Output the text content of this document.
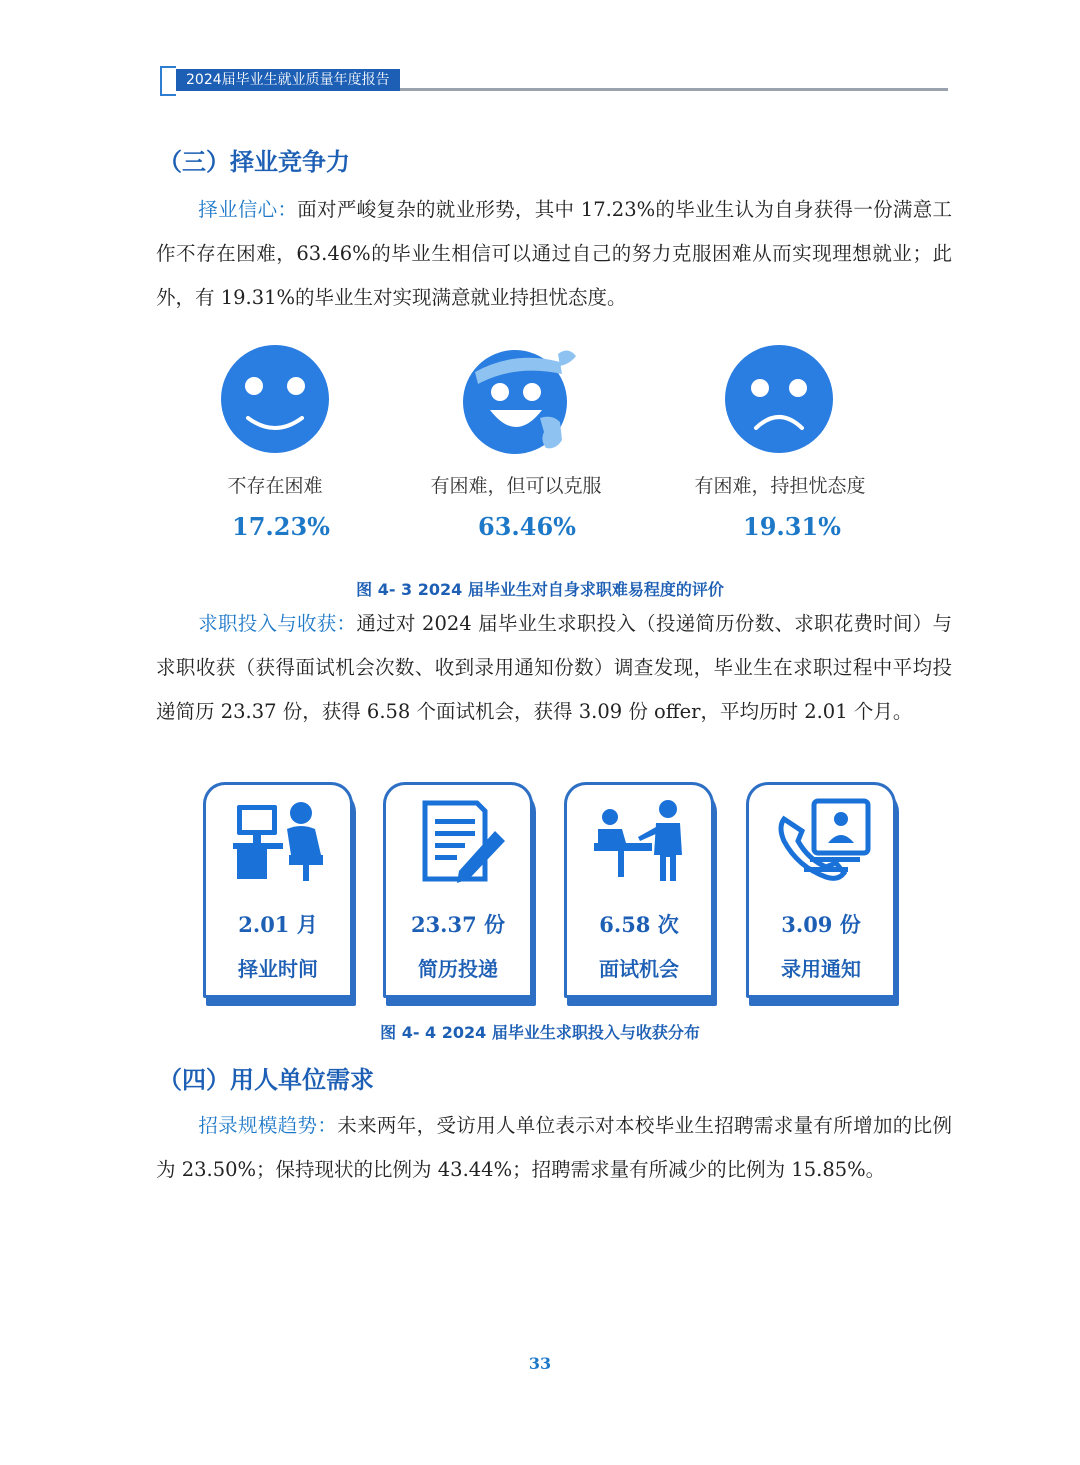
2024届毕业生就业质量年度报告
（三）择业竞争力
择业信心：面对严峻复杂的就业形势，其中 17.23%的毕业生认为自身获得一份满意工作不存在困难，63.46%的毕业生相信可以通过自己的努力克服困难从而实现理想就业；此外，有 19.31%的毕业生对实现满意就业持担忧态度。
不存在困难	有困难，但可以克服	有困难，持担忧态度
17.23%	63.46%	19.31%
图 4- 3 2024 届毕业生对自身求职难易程度的评价
求职投入与收获：通过对 2024 届毕业生求职投入（投递简历份数、求职花费时间）与求职收获（获得面试机会次数、收到录用通知份数）调查发现，毕业生在求职过程中平均投递简历 23.37 份，获得 6.58 个面试机会，获得 3.09 份 offer，平均历时 2.01 个月。
2.01 月
择业时间
23.37 份
简历投递
6.58 次
面试机会
3.09 份
录用通知
图 4- 4 2024 届毕业生求职投入与收获分布
（四）用人单位需求
招录规模趋势：未来两年，受访用人单位表示对本校毕业生招聘需求量有所增加的比例为 23.50%；保持现状的比例为 43.44%；招聘需求量有所减少的比例为 15.85%。
33
